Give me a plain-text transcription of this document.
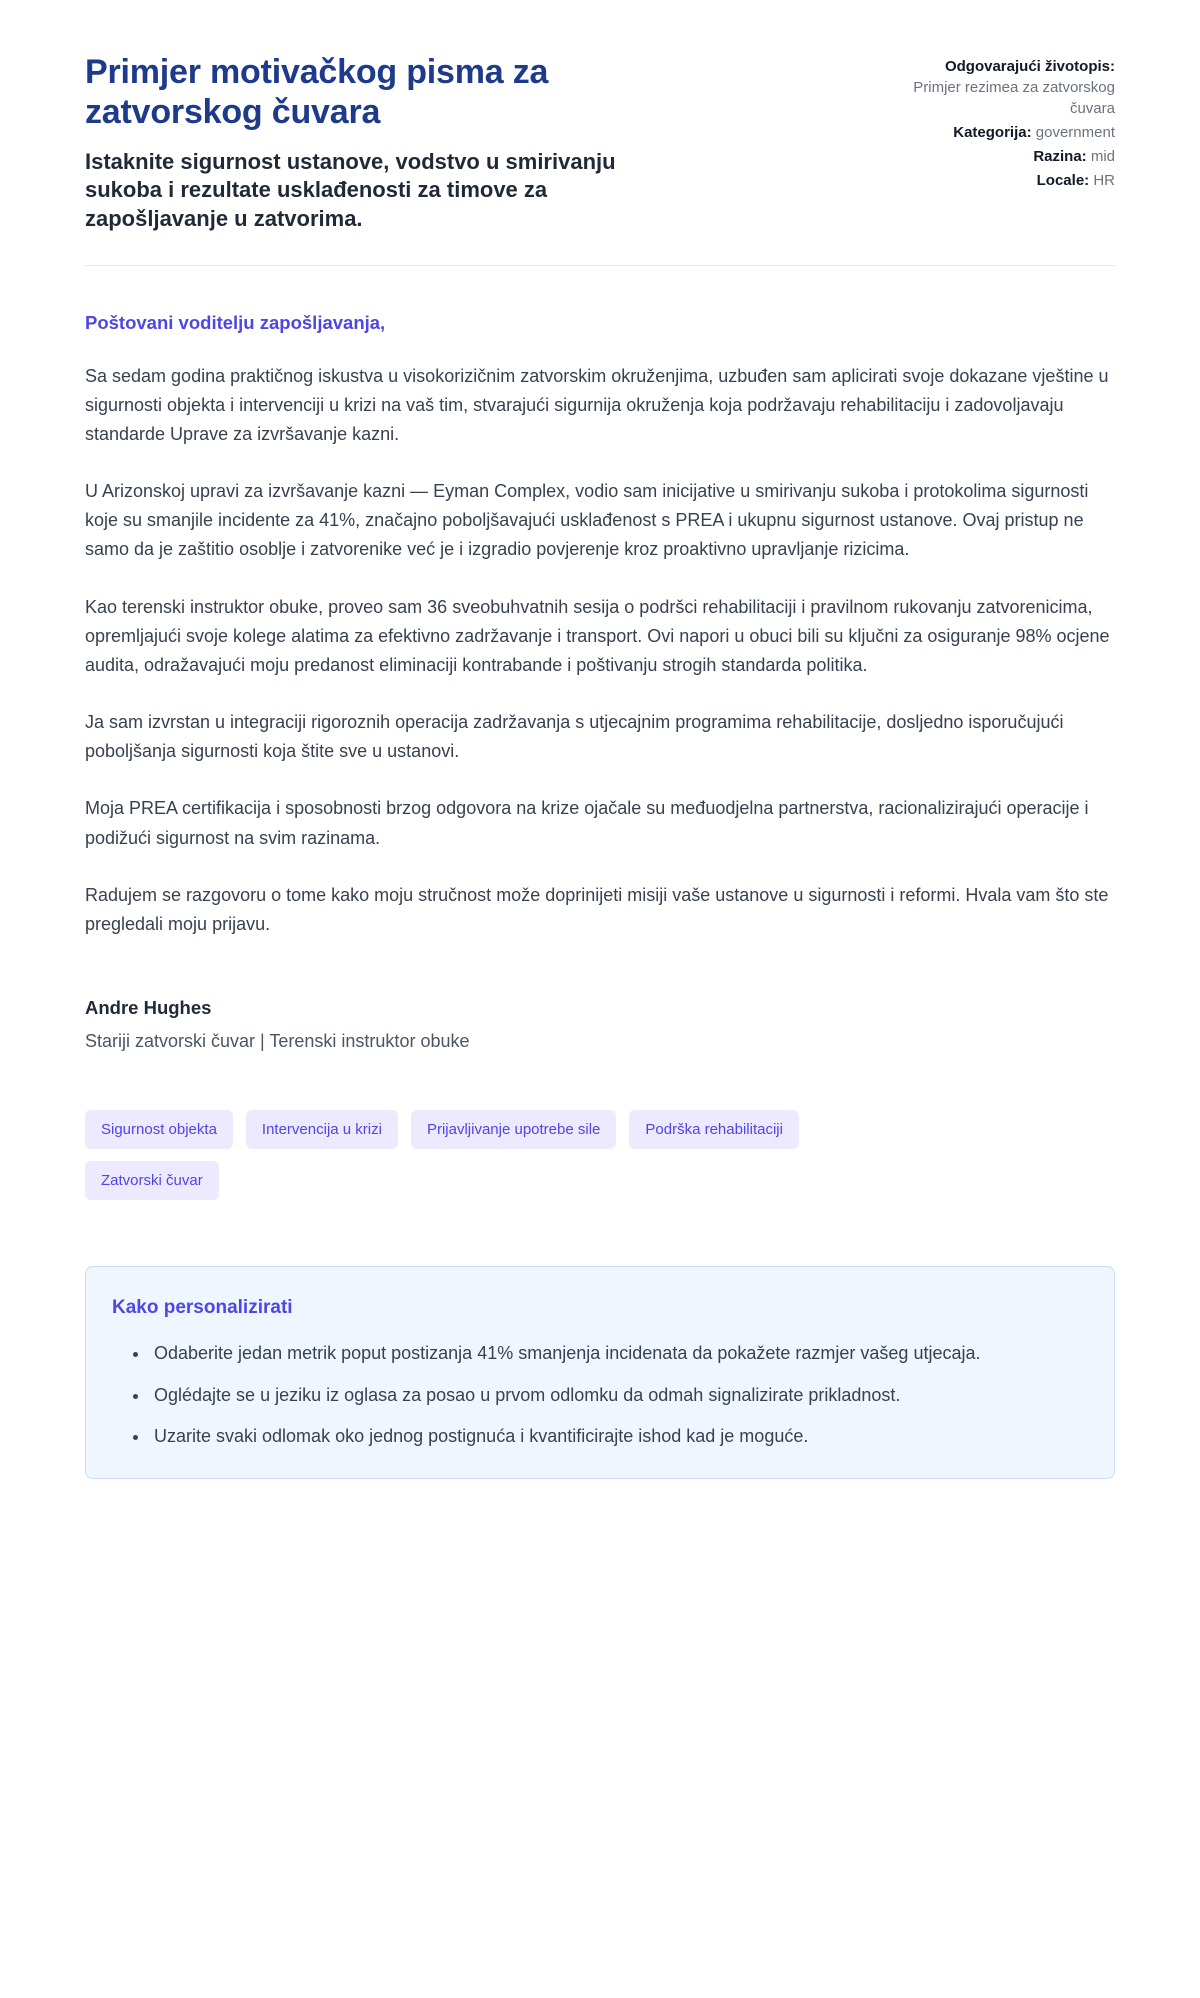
Primjer motivačkog pisma za zatvorskog čuvara
Istaknite sigurnost ustanove, vodstvo u smirivanju sukoba i rezultate usklađenosti za timove za zapošljavanje u zatvorima.
Odgovarajući životopis:
Primjer rezimea za zatvorskog čuvara
Kategorija: government
Razina: mid
Locale: HR

Poštovani voditelju zapošljavanja,

Sa sedam godina praktičnog iskustva u visokorizičnim zatvorskim okruženjima, uzbuđen sam aplicirati svoje dokazane vještine u sigurnosti objekta i intervenciji u krizi na vaš tim, stvarajući sigurnija okruženja koja podržavaju rehabilitaciju i zadovoljavaju standarde Uprave za izvršavanje kazni.

U Arizonskoj upravi za izvršavanje kazni — Eyman Complex, vodio sam inicijative u smirivanju sukoba i protokolima sigurnosti koje su smanjile incidente za 41%, značajno poboljšavajući usklađenost s PREA i ukupnu sigurnost ustanove. Ovaj pristup ne samo da je zaštitio osoblje i zatvorenike već je i izgradio povjerenje kroz proaktivno upravljanje rizicima.

Kao terenski instruktor obuke, proveo sam 36 sveobuhvatnih sesija o podršci rehabilitaciji i pravilnom rukovanju zatvorenicima, opremljajući svoje kolege alatima za efektivno zadržavanje i transport. Ovi napori u obuci bili su ključni za osiguranje 98% ocjene audita, odražavajući moju predanost eliminaciji kontrabande i poštivanju strogih standarda politika.

Ja sam izvrstan u integraciji rigoroznih operacija zadržavanja s utjecajnim programima rehabilitacije, dosljedno isporučujući poboljšanja sigurnosti koja štite sve u ustanovi.

Moja PREA certifikacija i sposobnosti brzog odgovora na krize ojačale su međuodjelna partnerstva, racionalizirajući operacije i podižući sigurnost na svim razinama.

Radujem se razgovoru o tome kako moju stručnost može doprinijeti misiji vaše ustanove u sigurnosti i reformi. Hvala vam što ste pregledali moju prijavu.

Andre Hughes

Stariji zatvorski čuvar | Terenski instruktor obuke

Sigurnost objekta	Intervencija u krizi	Prijavljivanje upotrebe sile	Podrška rehabilitaciji
Zatvorski čuvar
Kako personalizirati
• Odaberite jedan metrik poput postizanja 41% smanjenja incidenata da pokažete razmjer vašeg utjecaja.
• Oglédajte se u jeziku iz oglasa za posao u prvom odlomku da odmah signalizirate prikladnost.
• Uzarite svaki odlomak oko jednog postignuća i kvantificirajte ishod kad je moguće.
